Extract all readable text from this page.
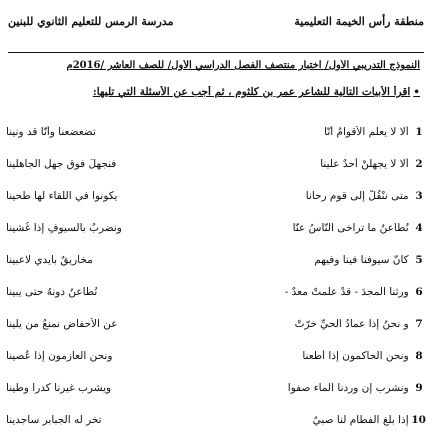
منطقة رأس الخيمة التعليمية
مدرسة الرمس للتعليم الثانوي للبنين
النموذج التدريبي الأول/ اختبار منتصف الفصل الدراسي الأول/ للصف العاشر /2016م
•اقرأ الأبيات التالية للشاعر عمر بن كلثوم ، ثم أجب عن الأسئلة التي تليها:
1 ألا لا يعلم الأقوامُ أنّا
تضعضعنا وأنّا قد ونينا
2 ألا لا يجهلنْ أحدٌ علينا
فنجهلَ فوق جهل الجاهلينا
3 متى ننْقُلْ إلى قومٍ رحانا
يكونوا في اللقاء لها طحينا
4 نُطاعنُ ما تراخى النّاسُ عنّا
ونضربُ بالسيوفِ إذا غُشينا
5 كأنّ سيوفنا فينا وفيهم
مخاريقٌ بأيدي لاعبينا
6 ورثنا المجدَ - قدْ علمتْ معدٌ -
نُطاعنُ دونهُ حتى يبينا
7 و نحنُ إذا عمادُ الحيِّ خرّتْ
عن الأحفاضِ نمنعُ من يلينا
8 ونحن الحاكمون إذا أُطعنا
ونحن العازمون إذا عُصينا
9 ونشرب إن وردنا الماء صفوا
ويشرب غيرنا كدرا وطينا
10 إذا بلغ الفطام لنا صبيٌ
تخر له الجبابر ساجدينا
